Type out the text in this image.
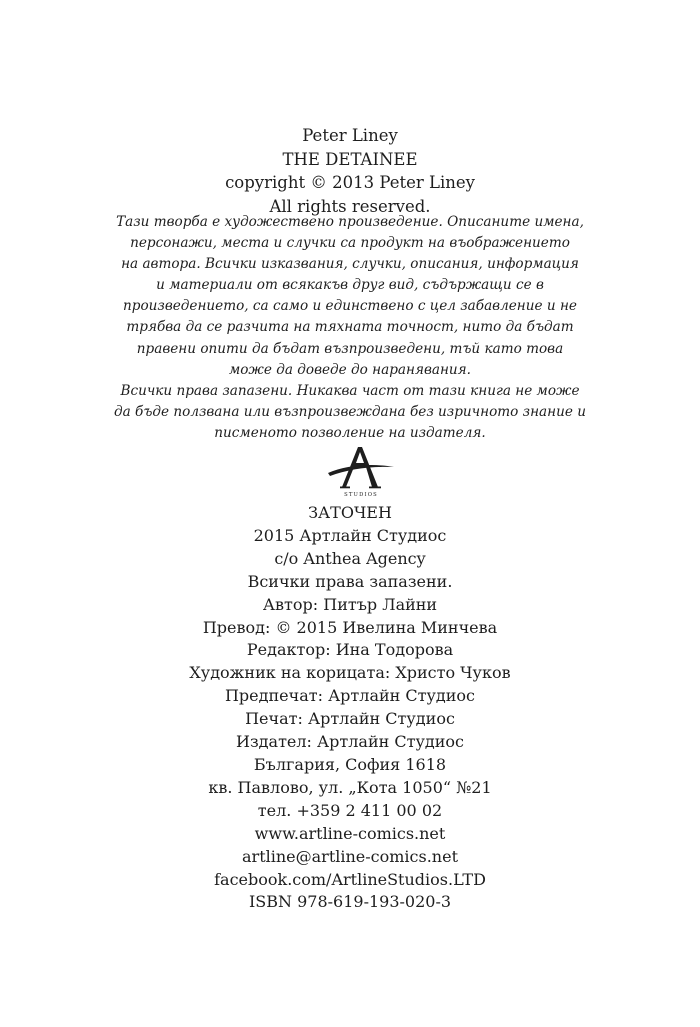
Peter Liney
THE DETAINEE
copyright © 2013 Peter Liney
All rights reserved.
Тази творба е художествено произведение. Описаните имена,
персонажи, места и случки са продукт на въображението
на автора. Всички изказвания, случки, описания, информация
и материали от всякакъв друг вид, съдържащи се в
произведението, са само и единствено с цел забавление и не
трябва да се разчита на тяхната точност, нито да бъдат
правени опити да бъдат възпроизведени, тъй като това
може да доведе до наранявания.
Всички права запазени. Никаква част от тази книга не може
да бъде ползвана или възпроизвеждана без изричното знание и
писменото позволение на издателя.
STUDIOS
ЗАТОЧЕН
2015 Артлайн Студиос
c/o Anthea Agency
Всички права запазени.
Автор: Питър Лайни
Превод: © 2015 Ивелина Минчева
Редактор: Ина Тодорова
Художник на корицата: Христо Чуков
Предпечат: Артлайн Студиос
Печат: Артлайн Студиос
Издател: Артлайн Студиос
България, София 1618
кв. Павлово, ул. „Кота 1050“ №21
тел. +359 2 411 00 02
www.artline-comics.net
artline@artline-comics.net
facebook.com/ArtlineStudios.LTD
ISBN 978-619-193-020-3
